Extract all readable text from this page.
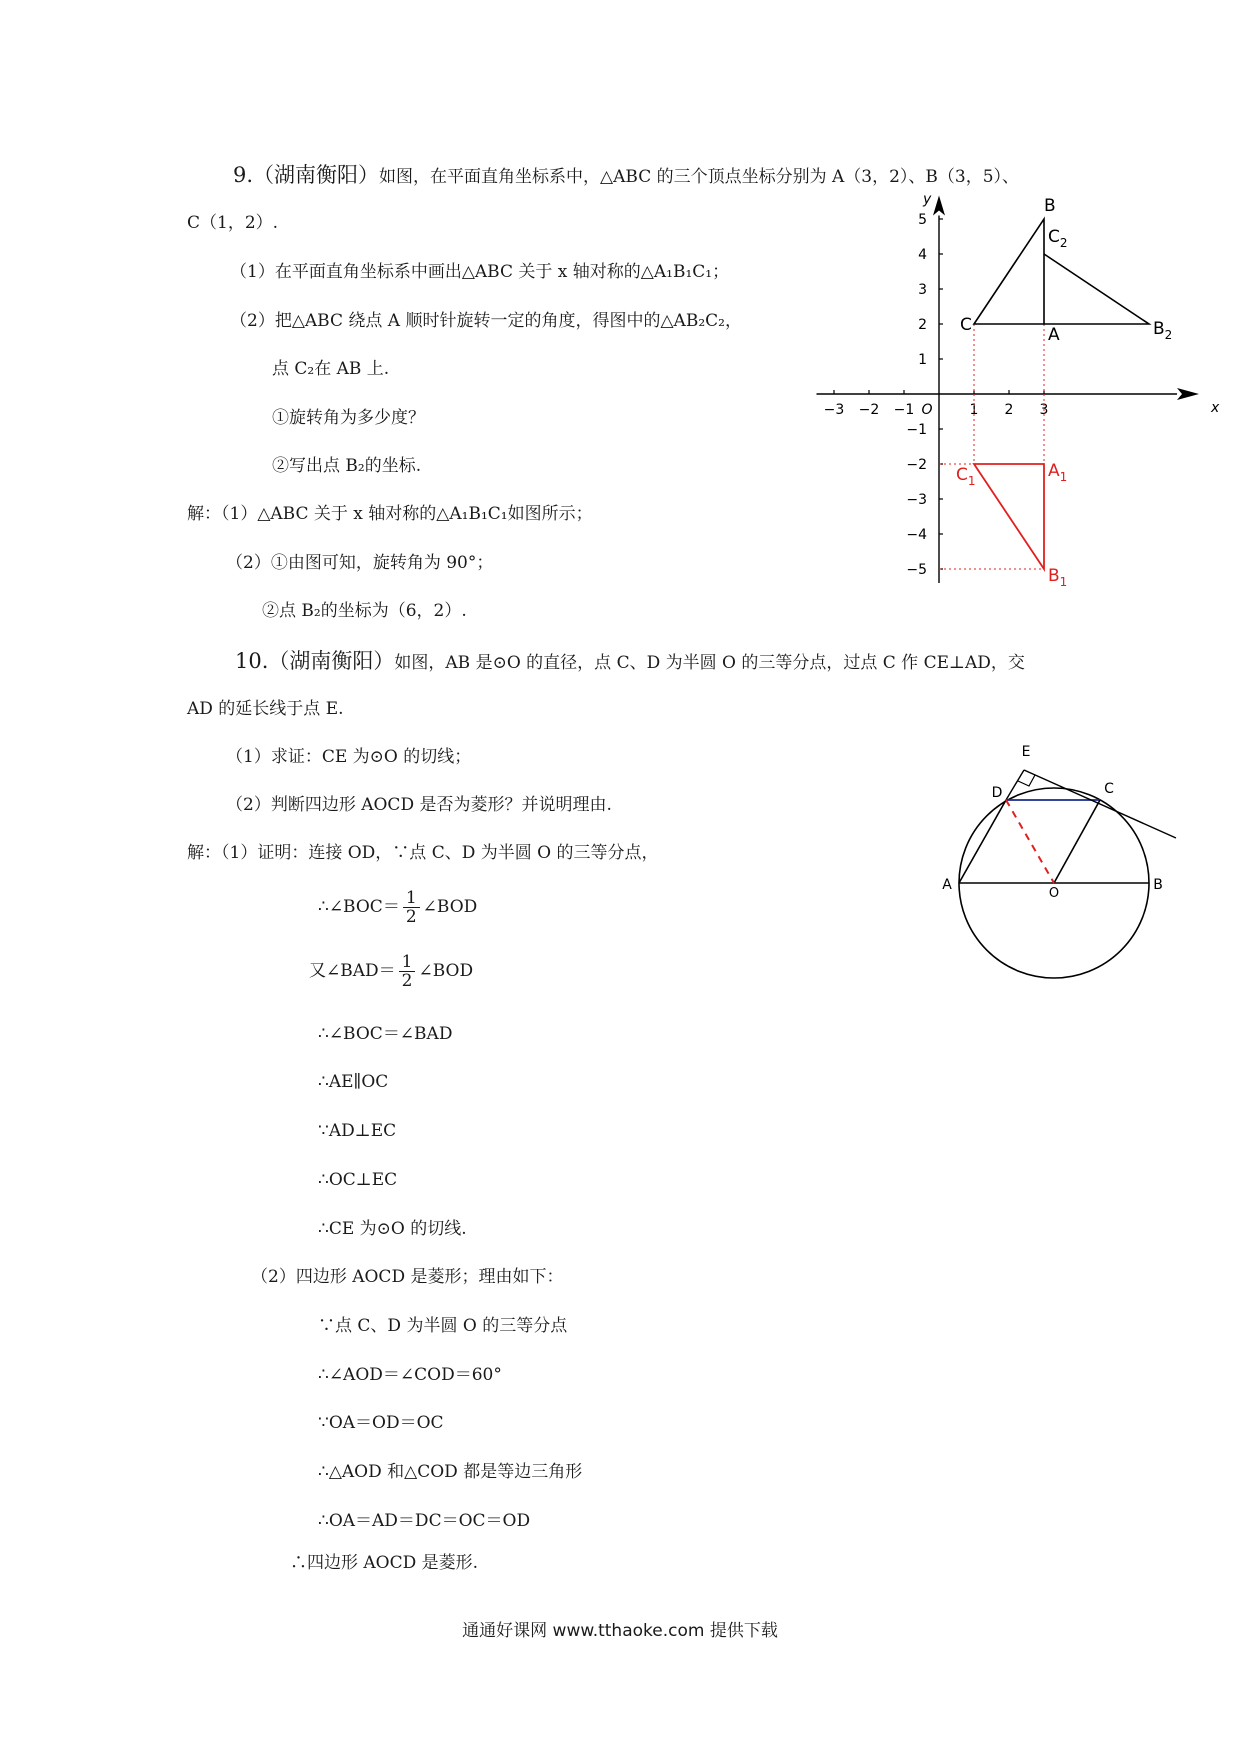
9.（湖南衡阳）如图，在平面直角坐标系中，△ABC 的三个顶点坐标分别为 A（3，2）、B（3，5）、
C（1，2）.
（1）在平面直角坐标系中画出△ABC 关于 x 轴对称的△A₁B₁C₁；
（2）把△ABC 绕点 A 顺时针旋转一定的角度，得图中的△AB₂C₂，
点 C₂在 AB 上.
①旋转角为多少度？
②写出点 B₂的坐标.
解：（1）△ABC 关于 x 轴对称的△A₁B₁C₁如图所示；
（2）①由图可知，旋转角为 90°；
②点 B₂的坐标为（6，2）.
x
y
O
−3 −2 −1	1 2 3
−5
−4
−3
−2
−1
1
2
3
4
5
A
B
C	$B_2$
$C_2$
$A_1$
$B_1$
$C_1$
10.（湖南衡阳）如图，AB 是⊙O 的直径，点 C、D 为半圆 O 的三等分点，过点 C 作 CE⊥AD，交
AD 的延长线于点 E.
（1）求证：CE 为⊙O 的切线；
（2）判断四边形 AOCD 是否为菱形？并说明理由.
解：（1）证明：连接 OD，∵点 C、D 为半圆 O 的三等分点，
∴∠BOC＝ $\frac{1}{2}$ ∠BOD
又∠BAD＝ $\frac{1}{2}$ ∠BOD
∴∠BOC＝∠BAD
∴AE∥OC
∵AD⊥EC
∴OC⊥EC
∴CE 为⊙O 的切线.
（2）四边形 AOCD 是菱形；理由如下：
∵点 C、D 为半圆 O 的三等分点
∴∠AOD＝∠COD＝60°
∵OA＝OD＝OC
∴△AOD 和△COD 都是等边三角形
∴OA＝AD＝DC＝OC＝OD
∴四边形 AOCD 是菱形.
E
D	C
A	B
O
通通好课网 www.tthaoke.com 提供下载
